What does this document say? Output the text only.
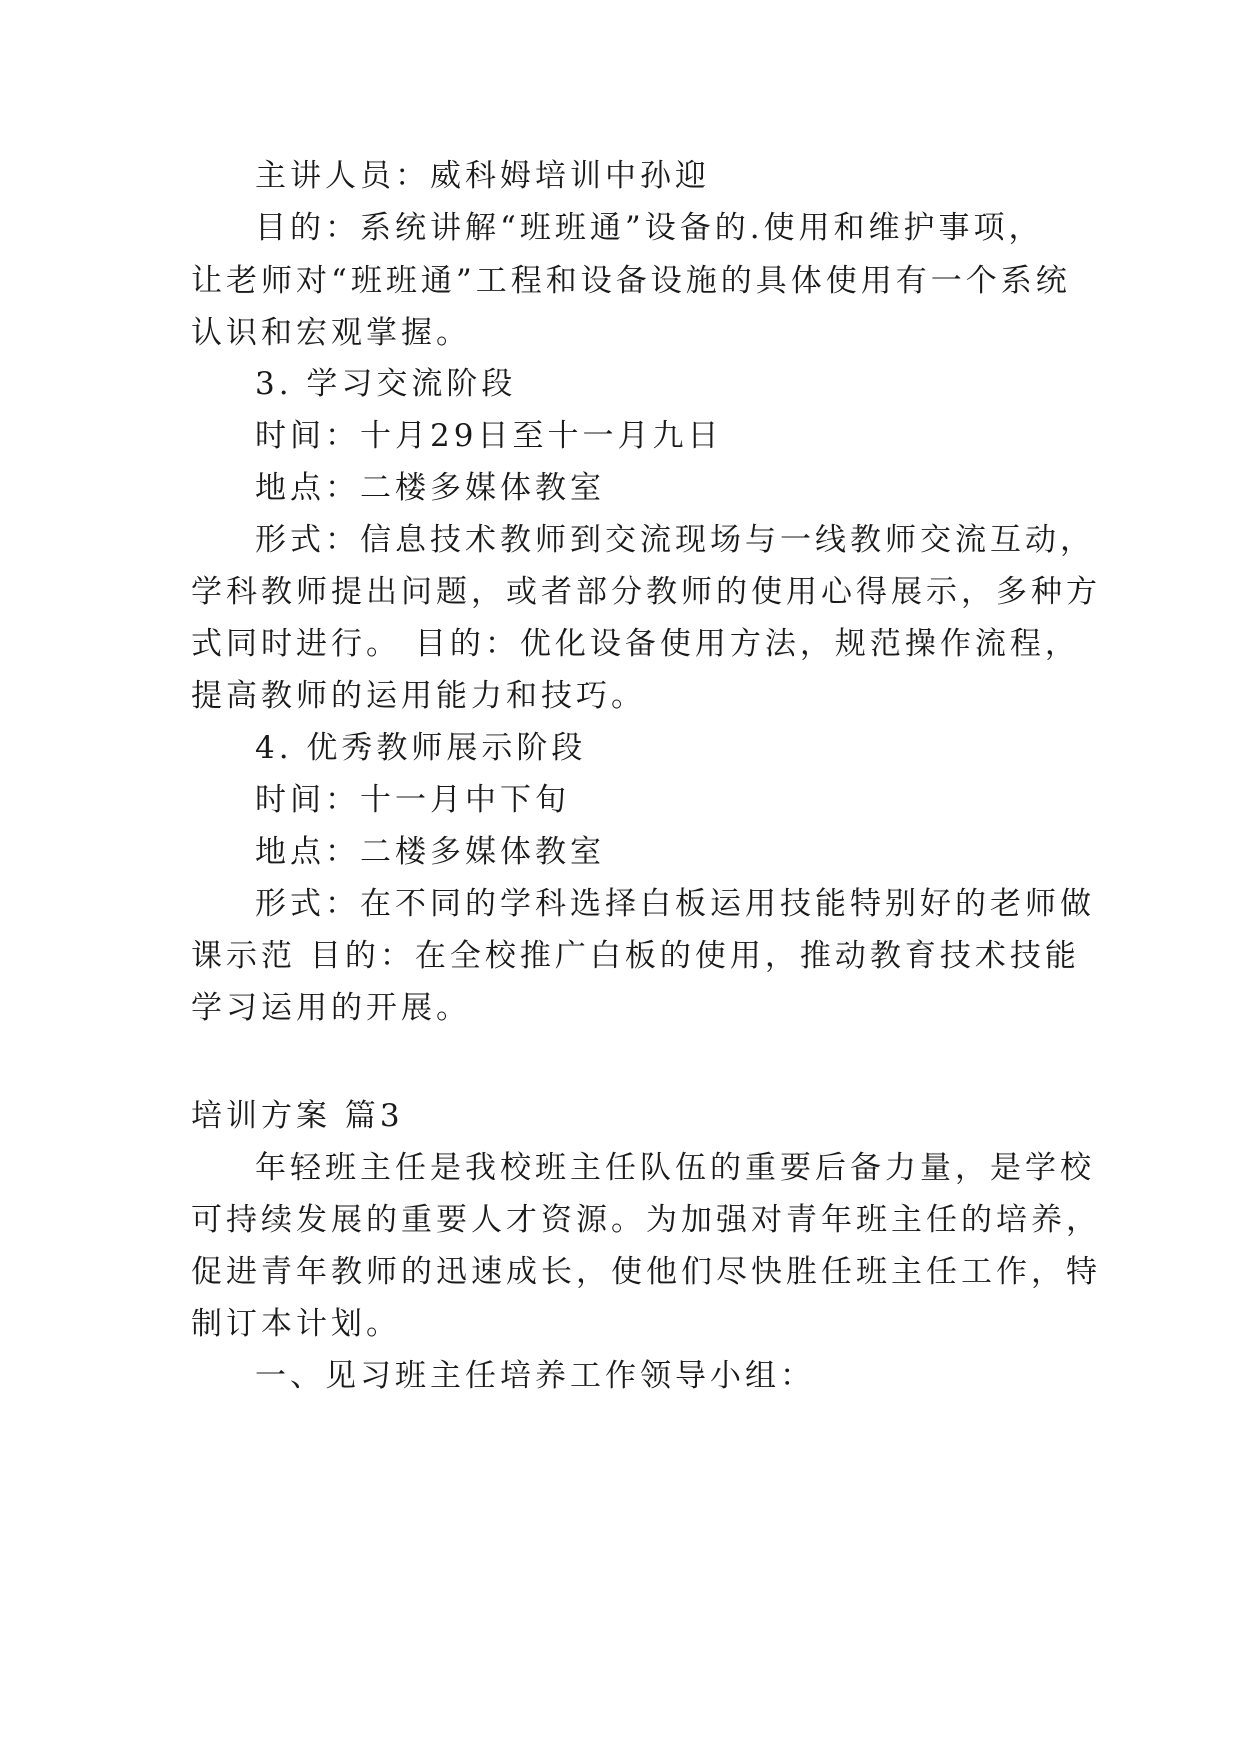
主讲人员：威科姆培训中孙迎
目的：系统讲解“班班通”设备的.使用和维护事项，
让老师对“班班通”工程和设备设施的具体使用有一个系统
认识和宏观掌握。
3. 学习交流阶段
时间：十月29日至十一月九日
地点：二楼多媒体教室
形式：信息技术教师到交流现场与一线教师交流互动，
学科教师提出问题，或者部分教师的使用心得展示，多种方
式同时进行。 目的：优化设备使用方法，规范操作流程，
提高教师的运用能力和技巧。
4. 优秀教师展示阶段
时间：十一月中下旬
地点：二楼多媒体教室
形式：在不同的学科选择白板运用技能特别好的老师做
课示范 目的：在全校推广白板的使用，推动教育技术技能
学习运用的开展。
培训方案 篇3
年轻班主任是我校班主任队伍的重要后备力量，是学校
可持续发展的重要人才资源。为加强对青年班主任的培养，
促进青年教师的迅速成长，使他们尽快胜任班主任工作，特
制订本计划。
一、见习班主任培养工作领导小组：
